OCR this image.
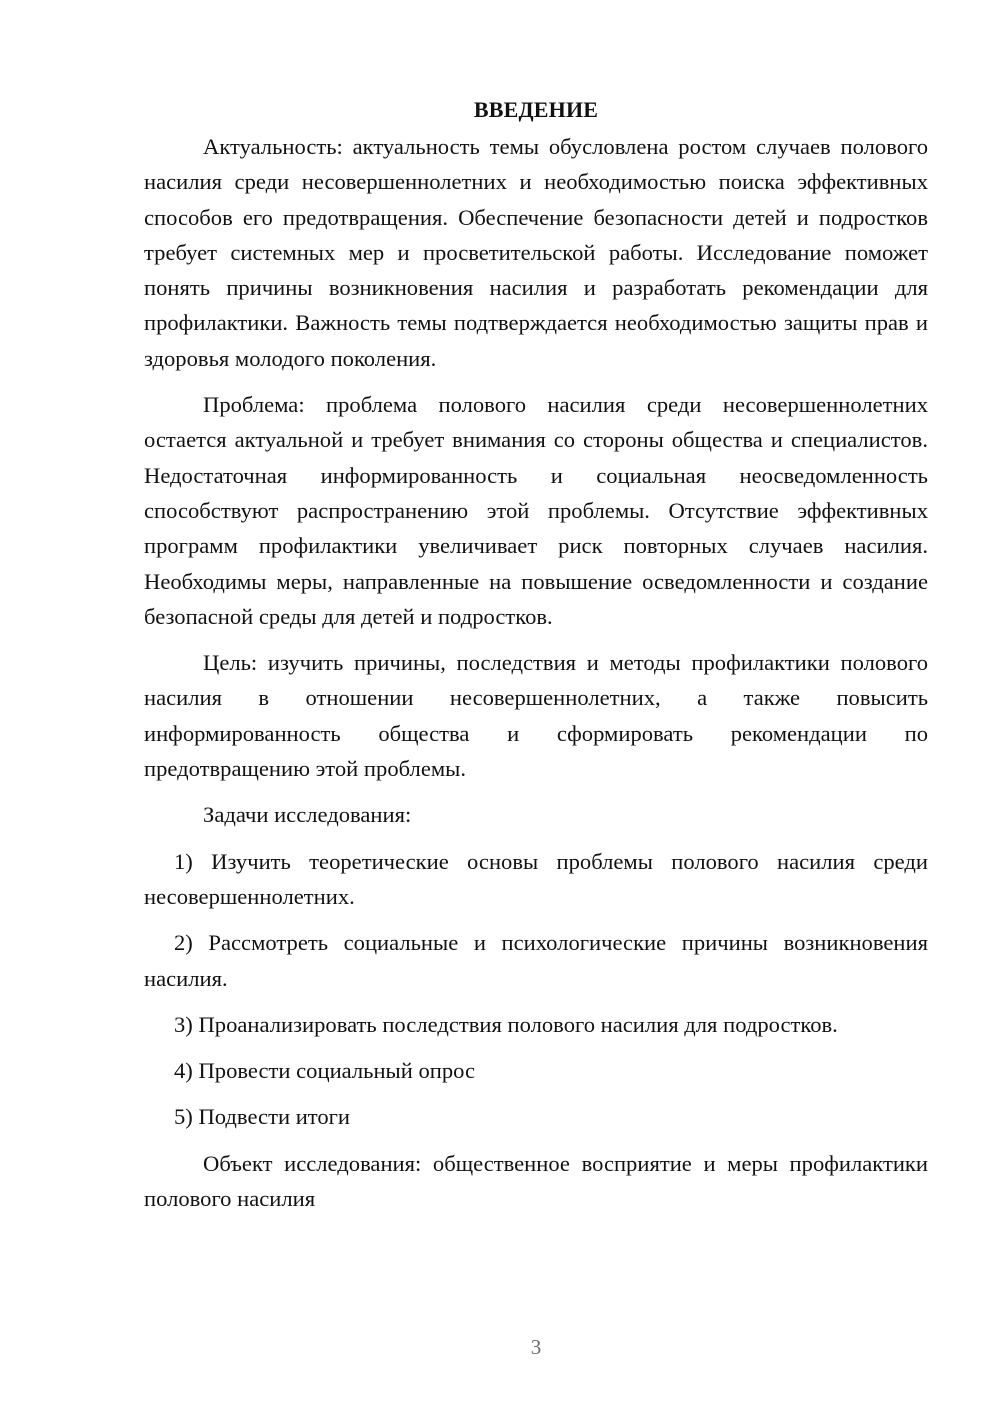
ВВЕДЕНИЕ

Актуальность: актуальность темы обусловлена ростом случаев полового насилия среди несовершеннолетних и необходимостью поиска эффективных способов его предотвращения. Обеспечение безопасности детей и подростков требует системных мер и просветительской работы. Исследование поможет понять причины возникновения насилия и разработать рекомендации для профилактики. Важность темы подтверждается необходимостью защиты прав и здоровья молодого поколения.

Проблема: проблема полового насилия среди несовершеннолетних остается актуальной и требует внимания со стороны общества и специалистов. Недостаточная информированность и социальная неосведомленность способствуют распространению этой проблемы. Отсутствие эффективных программ профилактики увеличивает риск повторных случаев насилия. Необходимы меры, направленные на повышение осведомленности и создание безопасной среды для детей и подростков.

Цель: изучить причины, последствия и методы профилактики полового насилия в отношении несовершеннолетних, а также повысить информированность общества и сформировать рекомендации по предотвращению этой проблемы.

Задачи исследования:

1) Изучить теоретические основы проблемы полового насилия среди несовершеннолетних.

2) Рассмотреть социальные и психологические причины возникновения насилия.

3) Проанализировать последствия полового насилия для подростков.

4) Провести социальный опрос

5) Подвести итоги

Объект исследования: общественное восприятие и меры профилактики полового насилия

3
